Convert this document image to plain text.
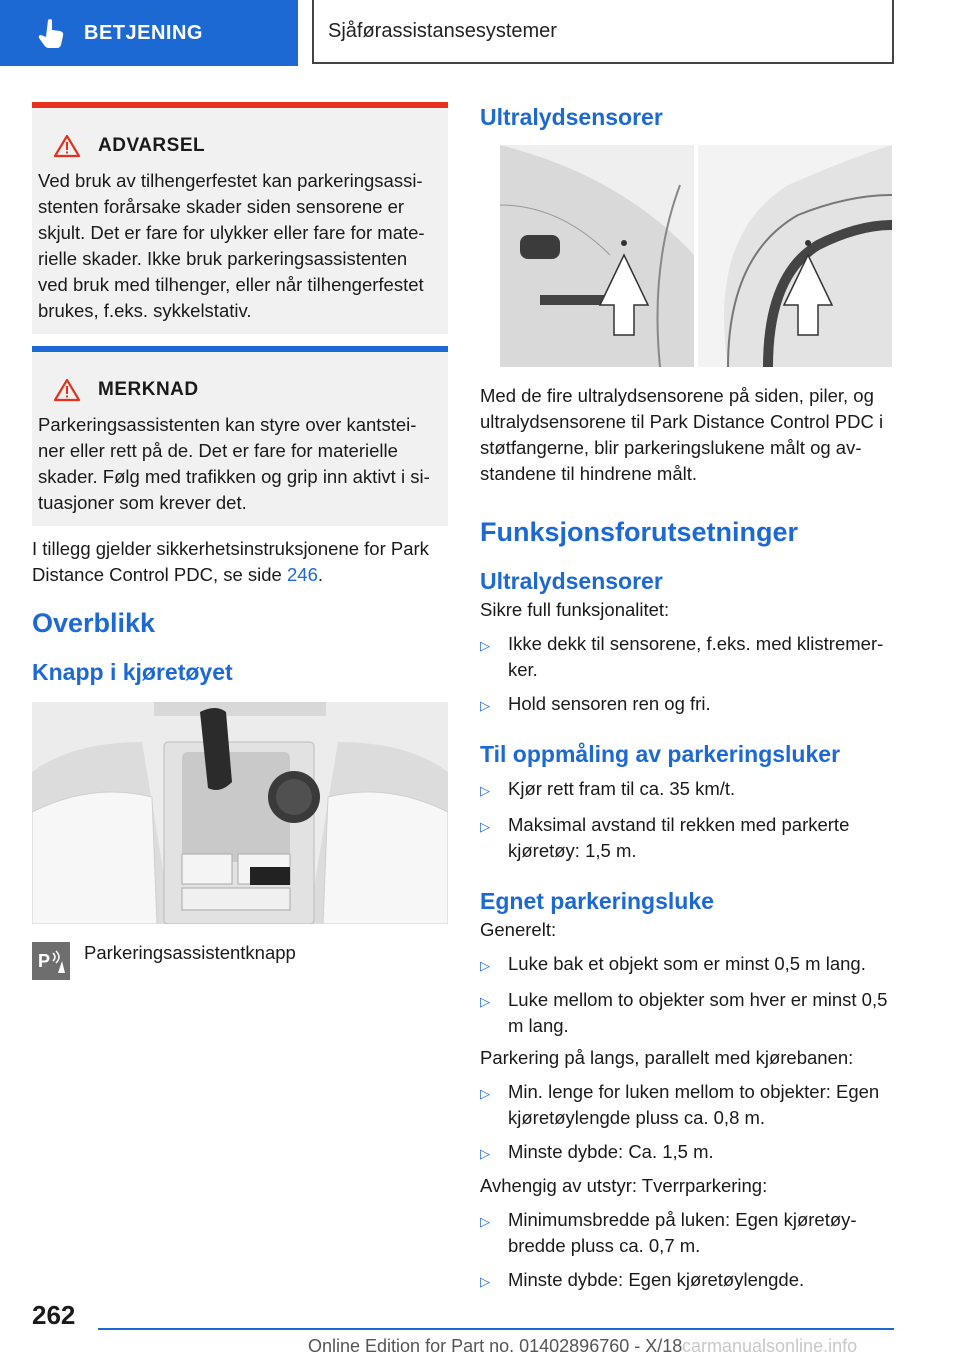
BETJENING	Sjåførassistansesystemer
ADVARSEL

Ved bruk av tilhengerfestet kan parkeringsassi‐ stenten forårsake skader siden sensorene er skjult. Det er fare for ulykker eller fare for mate‐ rielle skader. Ikke bruk parkeringsassistenten ved bruk med tilhenger, eller når tilhengerfestet brukes, f.eks. sykkelstativ.

MERKNAD

Parkeringsassistenten kan styre over kantstei‐ ner eller rett på de. Det er fare for materielle skader. Følg med trafikken og grip inn aktivt i si‐ tuasjoner som krever det.

I tillegg gjelder sikkerhetsinstruksjonene for Park Distance Control PDC, se side 246.

Overblikk
Knapp i kjøretøyet
P Parkeringsassistentknapp
Ultralydsensorer

Med de fire ultralydsensorene på siden, piler, og ultralydsensorene til Park Distance Control PDC i støtfangerne, blir parkeringslukene målt og av‐ standene til hindrene målt.

Funksjonsforutsetninger
Ultralydsensorer

Sikre full funksjonalitet:

▷ Ikke dekk til sensorene, f.eks. med klistremer‐ ker.
▷ Hold sensoren ren og fri.
Til oppmåling av parkeringsluker
▷ Kjør rett fram til ca. 35 km/t.
▷ Maksimal avstand til rekken med parkerte kjøretøy: 1,5 m.
Egnet parkeringsluke

Generelt:

▷ Luke bak et objekt som er minst 0,5 m lang.
▷ Luke mellom to objekter som hver er minst 0,5 m lang.

Parkering på langs, parallelt med kjørebanen:

▷ Min. lenge for luken mellom to objekter: Egen kjøretøylengde pluss ca. 0,8 m.
▷ Minste dybde: Ca. 1,5 m.

Avhengig av utstyr: Tverrparkering:

▷ Minimumsbredde på luken: Egen kjøretøy‐ bredde pluss ca. 0,7 m.
▷ Minste dybde: Egen kjøretøylengde.
262
Online Edition for Part no. 01402896760 - X/18 carmanualsonline.info
